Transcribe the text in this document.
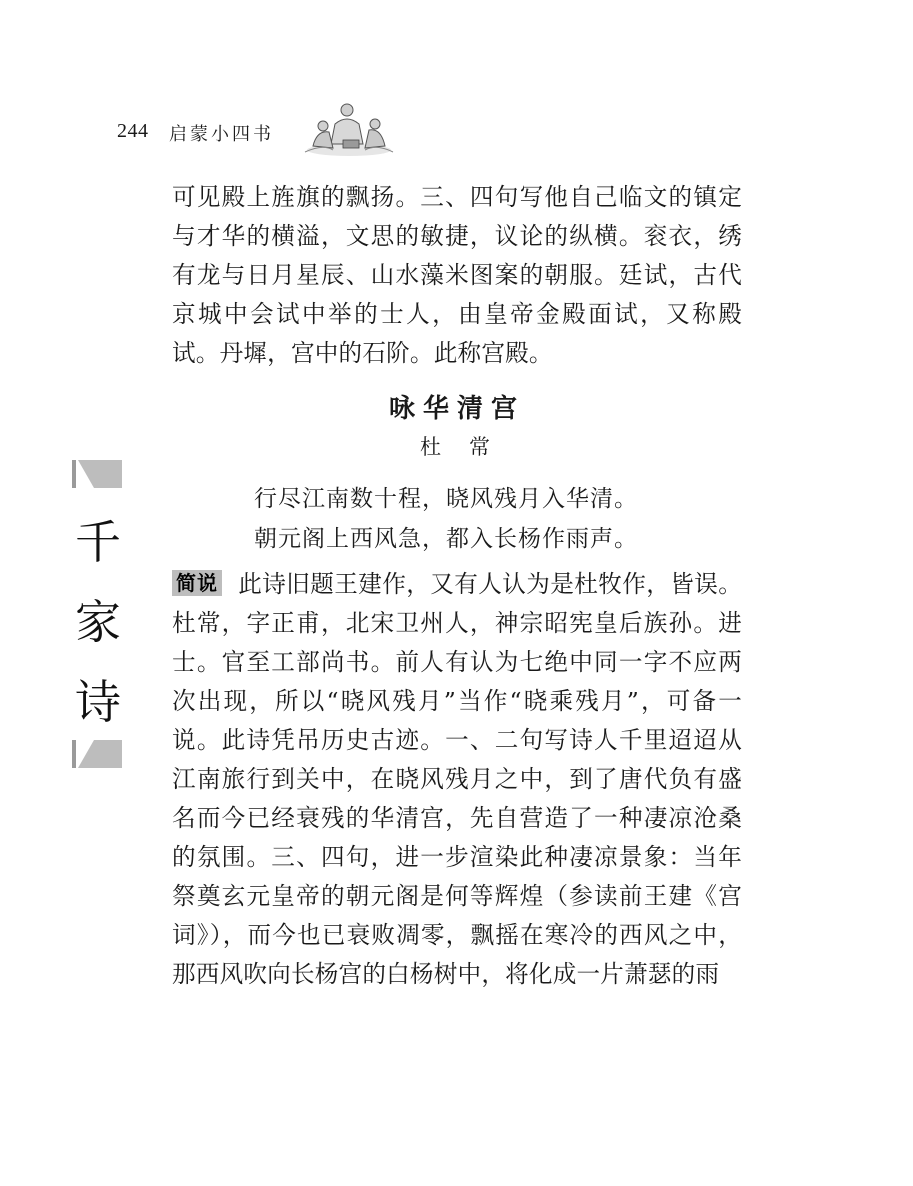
244 启蒙小四书
千
家
诗

可见殿上旌旗的飘扬。三、四句写他自己临文的镇定与才华的横溢，文思的敏捷，议论的纵横。衮衣，绣有龙与日月星辰、山水藻米图案的朝服。廷试，古代京城中会试中举的士人，由皇帝金殿面试，又称殿试。丹墀，宫中的石阶。此称宫殿。

咏华清宫
杜常
行尽江南数十程，晓风残月入华清。
朝元阁上西风急，都入长杨作雨声。

简说 此诗旧题王建作，又有人认为是杜牧作，皆误。杜常，字正甫，北宋卫州人，神宗昭宪皇后族孙。进士。官至工部尚书。前人有认为七绝中同一字不应两次出现，所以“晓风残月”当作“晓乘残月”，可备一说。此诗凭吊历史古迹。一、二句写诗人千里迢迢从江南旅行到关中，在晓风残月之中，到了唐代负有盛名而今已经衰残的华清宫，先自营造了一种凄凉沧桑的氛围。三、四句，进一步渲染此种凄凉景象：当年祭奠玄元皇帝的朝元阁是何等辉煌（参读前王建《宫词》），而今也已衰败凋零，飘摇在寒冷的西风之中，那西风吹向长杨宫的白杨树中，将化成一片萧瑟的雨
